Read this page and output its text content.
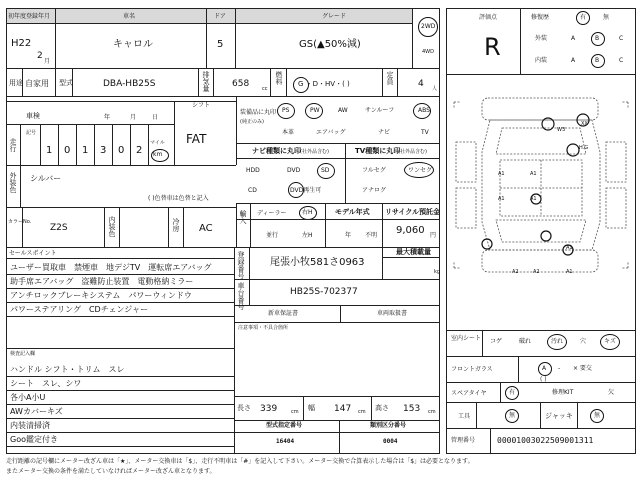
初年度登録年月
H22
2
月
車名
キャロル
ドア
5
グレード
GS(▲50%減)
2WD
4WD
用途 自家用 型式	DBA-HB25S	排気量 658	cc
燃料 G ・D・HV・( )	定員	4 人
シフト
FAT
車検	年	月	日
走行
記号
マイル
km
装備品に丸印
(純正のみ)
ナビ種類に丸印 (社外品含む)	TV種類に丸印
(社外品含む)
外装色 シルバー
( )色替車は色替と記入
カラーNo.
Z2S	内装色	冷房 AC
輸入 ディーラー	右H
並行	左H
モデル年式
年 不明
リサイクル預託金
9,060 円
セールスポイント	登録番号	尾張小牧581さ0963
最大積載量
kg
車台番号	HB25S-702377
新車保証書	車両取扱書
注意事項・不具合箇所
検査記入欄
長さ 339	cm 幅 147 cm 高さ 153 cm
型式指定番号	類別区分番号
16404	0004
評価点
R
修復歴	有	無
外装
内装
室内シート
フロントガラス	A - × 要交
( )
スペアタイヤ
工具	無	ジャッキ	無
管理番号	00001003022509001311
走行距離の記号欄にメーター改ざん車は「★」、メーター交換車は「$」、走行不明車は「#」を記入して下さい。メーター交換で合算表示した場合は「$」は必要となります。
またメーター交換の条件を満たしていなければメーター改ざん車となります。
1 0 1 3 0 2
PS	PW	AW	サンルーフ	ABS
本革	エアバッグ	ナビ	TV
HDD	DVD	SD
CD	DVD再生可
フルセグ	ワンセグ
アナログ
ユーザー買取車　禁煙車　地デジTV　運転席エアバッグ
助手席エアバッグ　盗難防止装置　電動格納ミラー
アンチロックブレーキシステム　パワーウィンドウ
パワーステアリング　CDチェンジャー
ハンドル シフト・トリム　スレ
シート　スレ、シワ
各小A小U
AWカバーキズ
内装清掃済
Goo鑑定付き
A	B	C
A	B	C
W3
XX
H.G
A1	A1
A1	A1
A2
A2
A1
A1
コゲ	破れ	汚れ	穴	キズ
有	修理KIT	欠
